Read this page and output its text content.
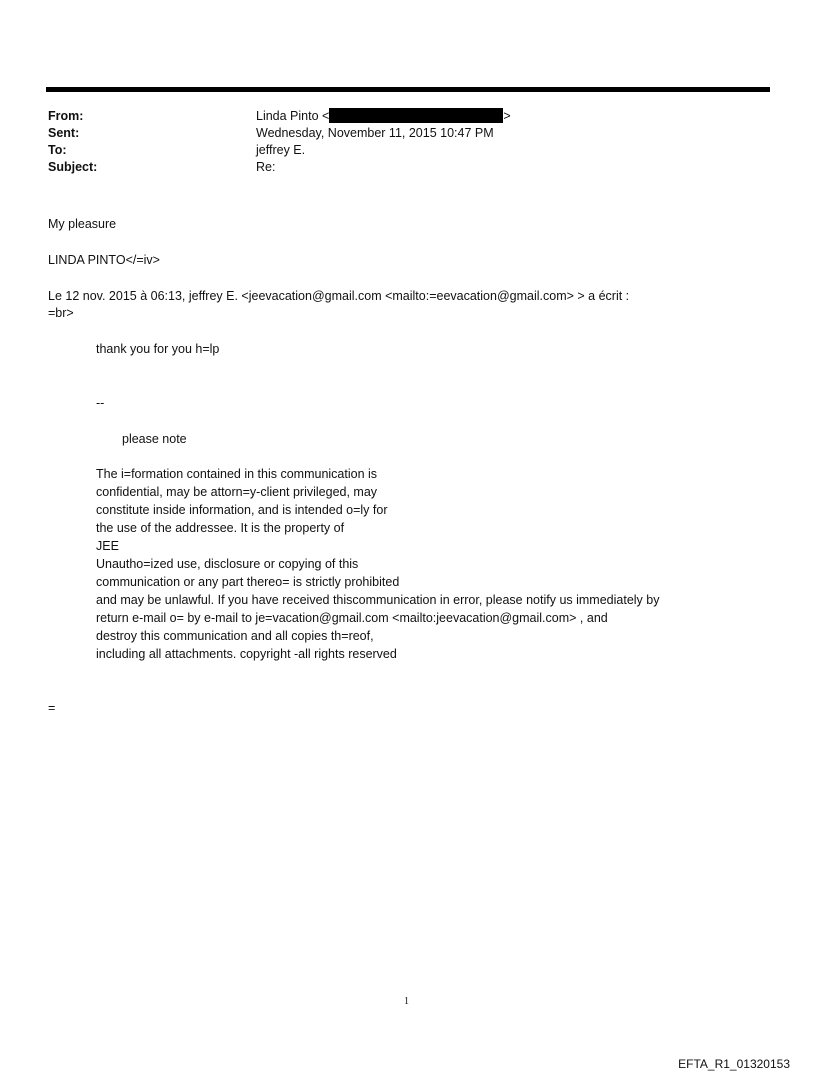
From:	Linda Pinto <	>
Sent:	Wednesday, November 11, 2015 10:47 PM
To:	jeffrey E.
Subject:	Re:
My pleasure
LINDA PINTO</=iv>
Le 12 nov. 2015 à 06:13, jeffrey E. <jeevacation@gmail.com <mailto:=eevacation@gmail.com> > a écrit :
=br>
thank you for you h=lp
--
please note
The i=formation contained in this communication is
confidential, may be attorn=y-client privileged, may
constitute inside information, and is intended o=ly for
the use of the addressee. It is the property of
JEE
Unautho=ized use, disclosure or copying of this
communication or any part thereo= is strictly prohibited
and may be unlawful. If you have received thiscommunication in error, please notify us immediately by
return e-mail o= by e-mail to je=vacation@gmail.com <mailto:jeevacation@gmail.com> , and
destroy this communication and all copies th=reof,
including all attachments. copyright -all rights reserved
=
1
EFTA_R1_01320153
